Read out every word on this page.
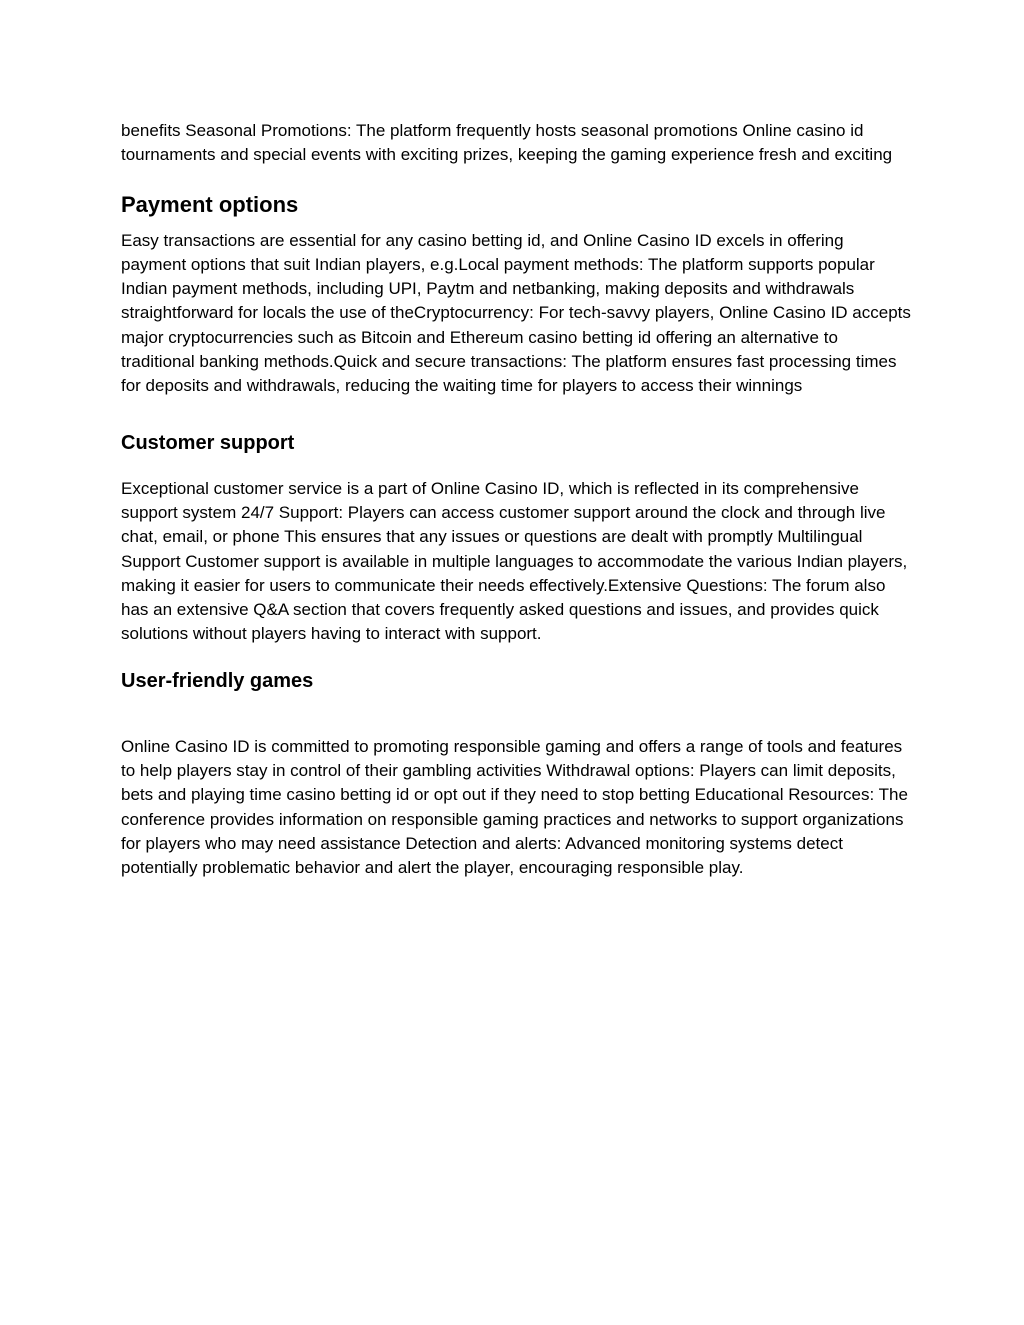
benefits Seasonal Promotions: The platform frequently hosts seasonal promotions Online casino id tournaments and special events with exciting prizes, keeping the gaming experience fresh and exciting

Payment options

Easy transactions are essential for any casino betting id, and Online Casino ID excels in offering payment options that suit Indian players, e.g.Local payment methods: The platform supports popular Indian payment methods, including UPI, Paytm and netbanking, making deposits and withdrawals straightforward for locals the use of theCryptocurrency: For tech-savvy players, Online Casino ID accepts major cryptocurrencies such as Bitcoin and Ethereum casino betting id offering an alternative to traditional banking methods.Quick and secure transactions: The platform ensures fast processing times for deposits and withdrawals, reducing the waiting time for players to access their winnings

Customer support

Exceptional customer service is a part of Online Casino ID, which is reflected in its comprehensive support system 24/7 Support: Players can access customer support around the clock and through live chat, email, or phone This ensures that any issues or questions are dealt with promptly Multilingual Support Customer support is available in multiple languages to accommodate the various Indian players, making it easier for users to communicate their needs effectively.Extensive Questions: The forum also has an extensive Q&A section that covers frequently asked questions and issues, and provides quick solutions without players having to interact with support.

User-friendly games

Online Casino ID is committed to promoting responsible gaming and offers a range of tools and features to help players stay in control of their gambling activities Withdrawal options: Players can limit deposits, bets and playing time casino betting id or opt out if they need to stop betting Educational Resources: The conference provides information on responsible gaming practices and networks to support organizations for players who may need assistance Detection and alerts: Advanced monitoring systems detect potentially problematic behavior and alert the player, encouraging responsible play.
